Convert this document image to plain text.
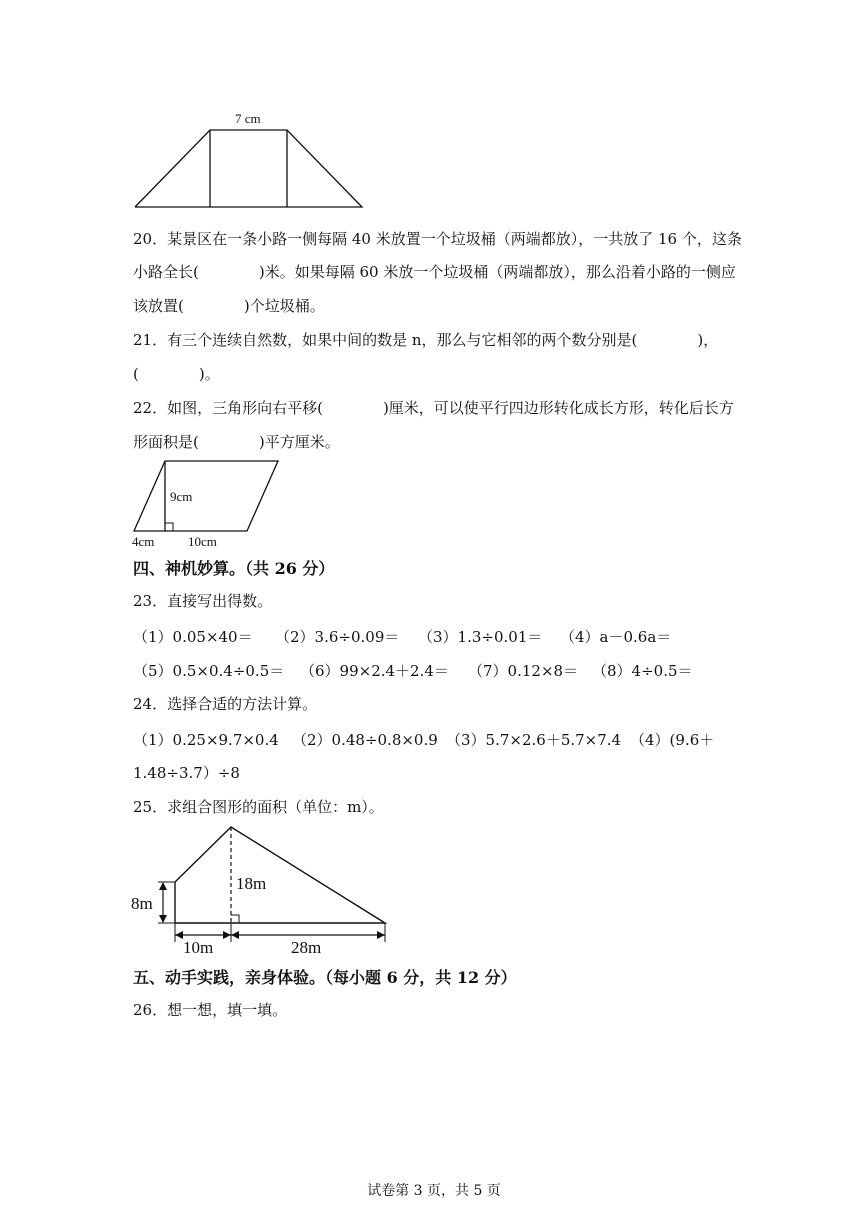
7 cm
20．某景区在一条小路一侧每隔 40 米放置一个垃圾桶（两端都放），一共放了 16 个，这条
小路全长(　　　　)米。如果每隔 60 米放一个垃圾桶（两端都放），那么沿着小路的一侧应
该放置(　　　　)个垃圾桶。
21．有三个连续自然数，如果中间的数是 n，那么与它相邻的两个数分别是(　　　　)，
(　　　　)。
22．如图，三角形向右平移(　　　　)厘米，可以使平行四边形转化成长方形，转化后长方
形面积是(　　　　)平方厘米。
9cm
4cm	10cm
四、神机妙算。（共 26 分）
23．直接写出得数。
（1）0.05×40＝ （2）3.6÷0.09＝ （3）1.3÷0.01＝ （4）a－0.6a＝
（5）0.5×0.4÷0.5＝ （6）99×2.4＋2.4＝ （7）0.12×8＝ （8）4÷0.5＝
24．选择合适的方法计算。
（1）0.25×9.7×0.4 （2）0.48÷0.8×0.9 （3）5.7×2.6＋5.7×7.4 （4）(9.6＋
1.48÷3.7）÷8
25．求组合图形的面积（单位：m）。
8m
18m
10m	28m
五、动手实践，亲身体验。（每小题 6 分，共 12 分）
26．想一想，填一填。
试卷第 3 页，共 5 页
